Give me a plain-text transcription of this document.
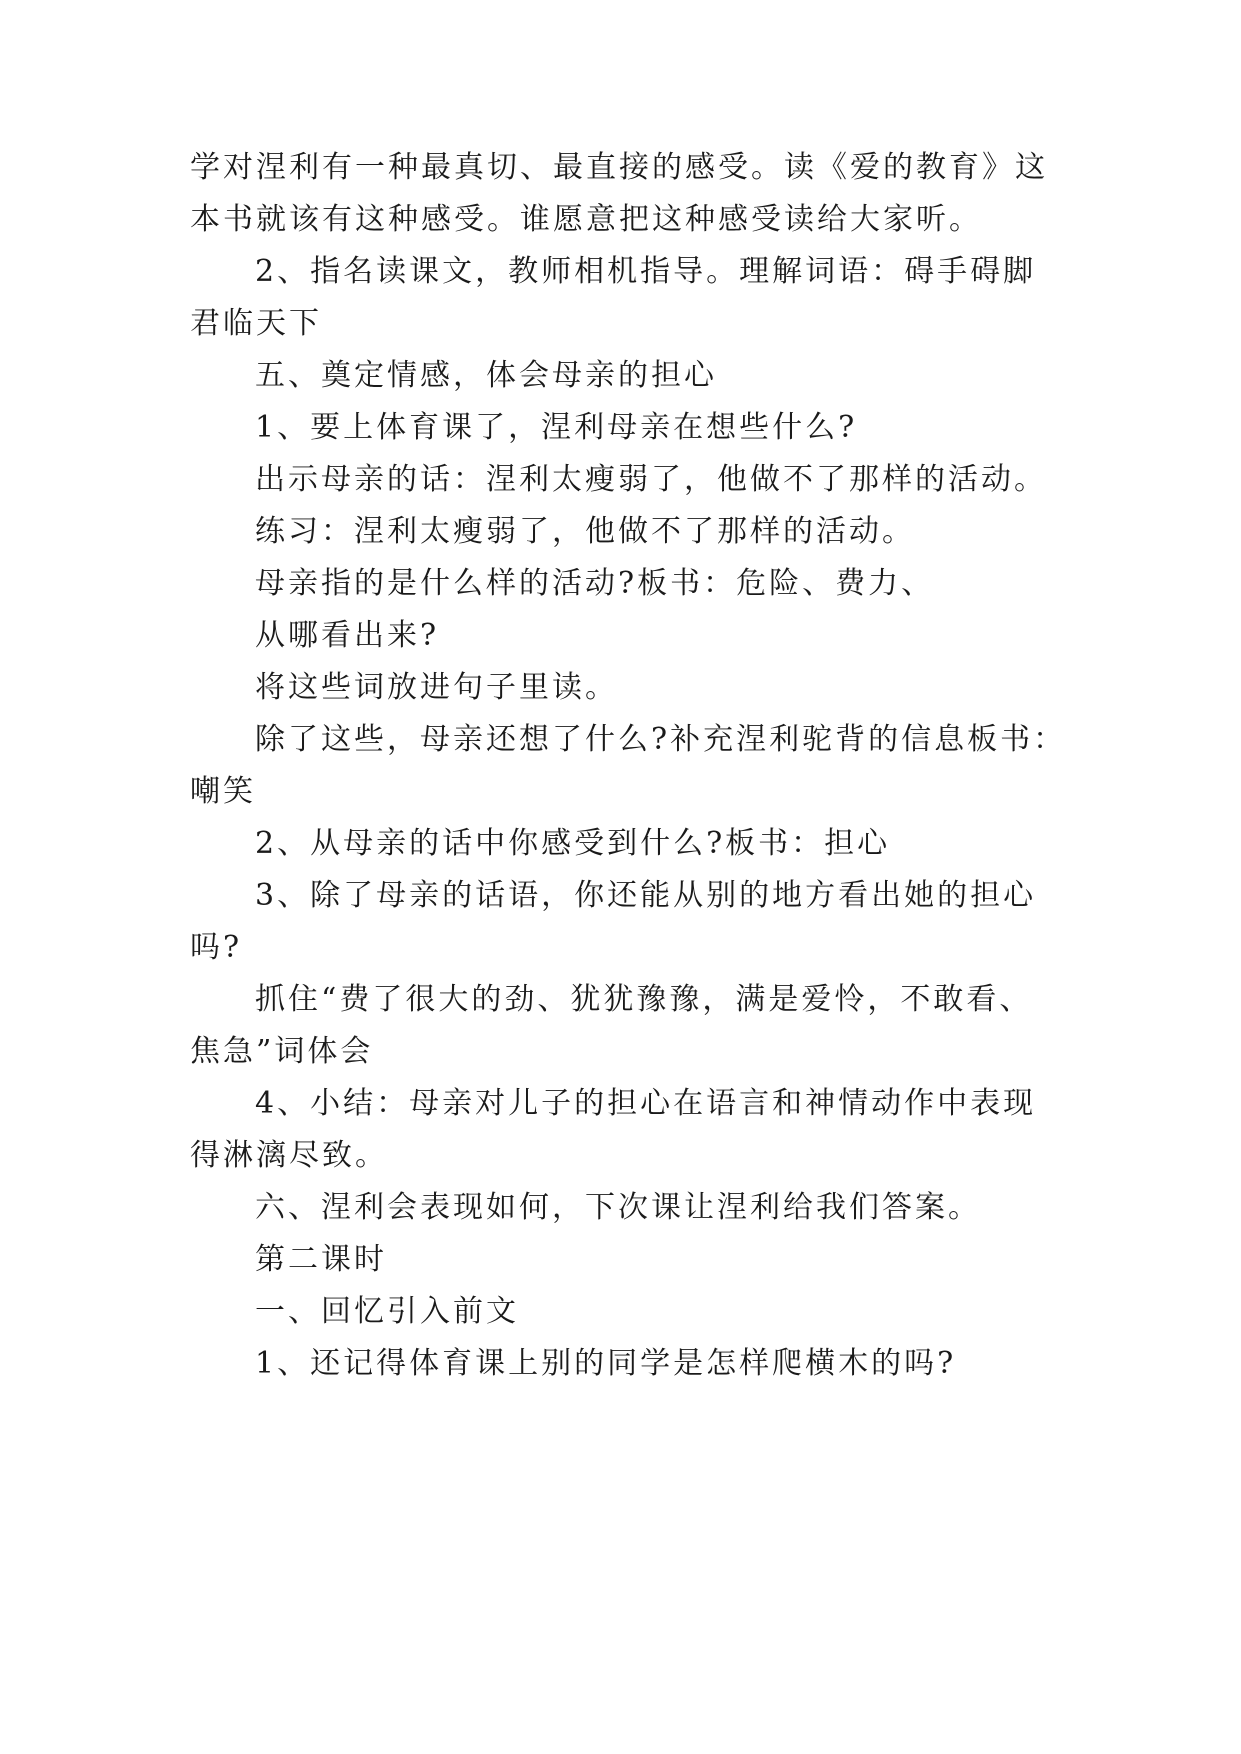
学对涅利有一种最真切、最直接的感受。读《爱的教育》这

本书就该有这种感受。谁愿意把这种感受读给大家听。

2、指名读课文，教师相机指导。理解词语：碍手碍脚

君临天下

五、奠定情感，体会母亲的担心

1、要上体育课了，涅利母亲在想些什么?

出示母亲的话：涅利太瘦弱了，他做不了那样的活动。

练习：涅利太瘦弱了，他做不了那样的活动。

母亲指的是什么样的活动?板书：危险、费力、

从哪看出来?

将这些词放进句子里读。

除了这些，母亲还想了什么?补充涅利驼背的信息板书：

嘲笑

2、从母亲的话中你感受到什么?板书：担心

3、除了母亲的话语，你还能从别的地方看出她的担心

吗?

抓住“费了很大的劲、犹犹豫豫，满是爱怜，不敢看、

焦急”词体会

4、小结：母亲对儿子的担心在语言和神情动作中表现

得淋漓尽致。

六、涅利会表现如何，下次课让涅利给我们答案。

第二课时

一、回忆引入前文

1、还记得体育课上别的同学是怎样爬横木的吗?
